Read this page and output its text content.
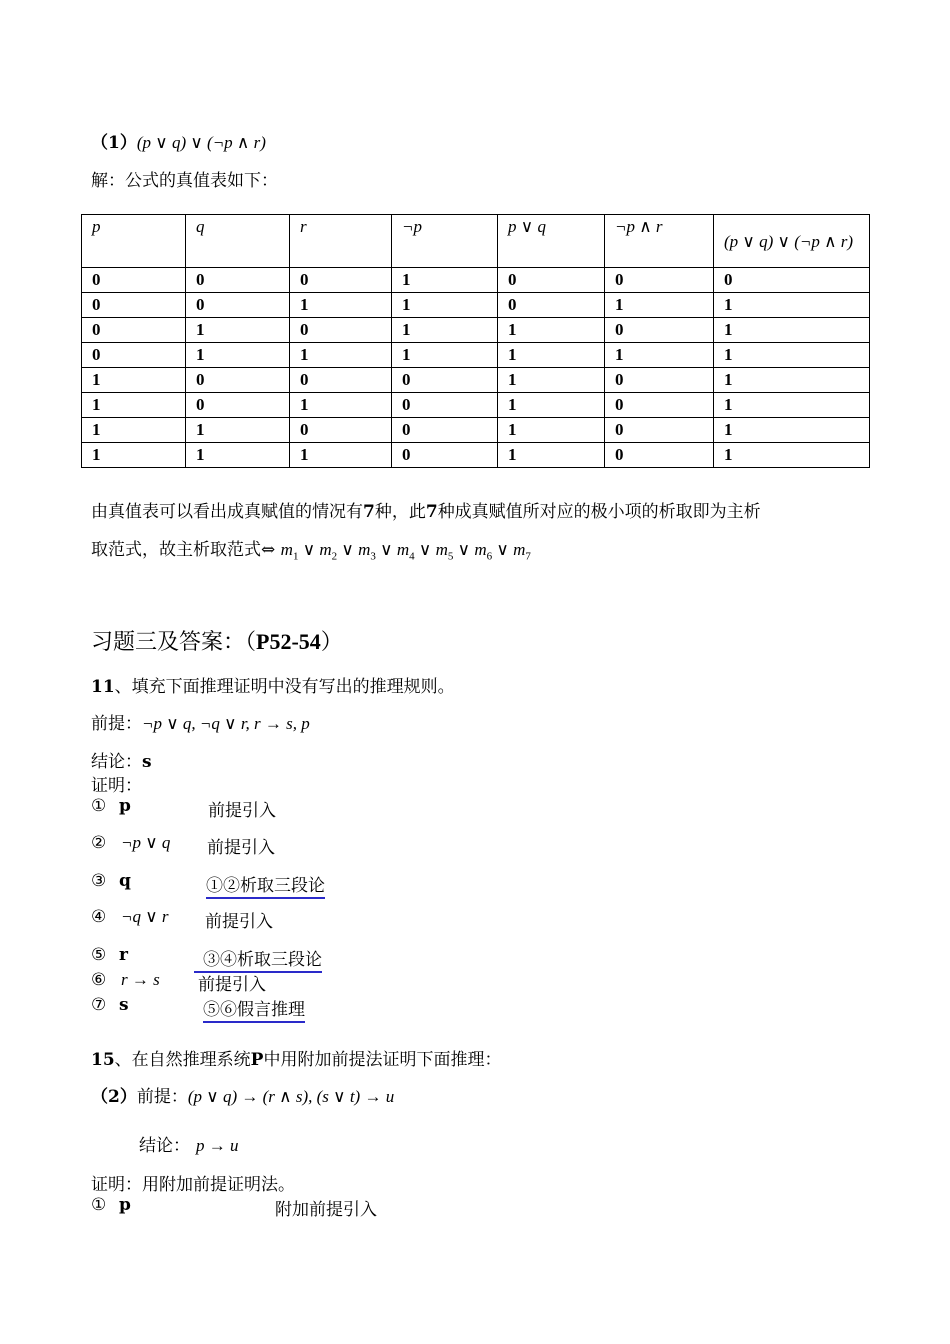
（1）(p ∨ q) ∨ (¬p ∧ r)
解：公式的真值表如下：
p	q	r	¬p	p ∨ q	¬p ∧ r	(p ∨ q) ∨ (¬p ∧ r)
0	0	0	1	0	0	0
0	0	1	1	0	1	1
0	1	0	1	1	0	1
0	1	1	1	1	1	1
1	0	0	0	1	0	1
1	0	1	0	1	0	1
1	1	0	0	1	0	1
1	1	1	0	1	0	1
由真值表可以看出成真赋值的情况有7种，此7种成真赋值所对应的极小项的析取即为主析
取范式，故主析取范式⇔ $m_1$ ∨ $m_2$ ∨ $m_3$ ∨ $m_4$ ∨ $m_5$ ∨ $m_6$ ∨ $m_7$
习题三及答案：（P52-54）
11、填充下面推理证明中没有写出的推理规则。
前提：¬p ∨ q, ¬q ∨ r, r → s, p
结论：s
证明：
① p	前提引入
② ¬p ∨ q 前提引入
③ q	①②析取三段论
④ ¬q ∨ r 前提引入
⑤ r	③④析取三段论
⑥ r → s 前提引入
⑦ s	⑤⑥假言推理
15、在自然推理系统P中用附加前提法证明下面推理：
（2）前提：(p ∨ q) → (r ∧ s), (s ∨ t) → u
结论： p → u
证明：用附加前提证明法。
① p	附加前提引入
